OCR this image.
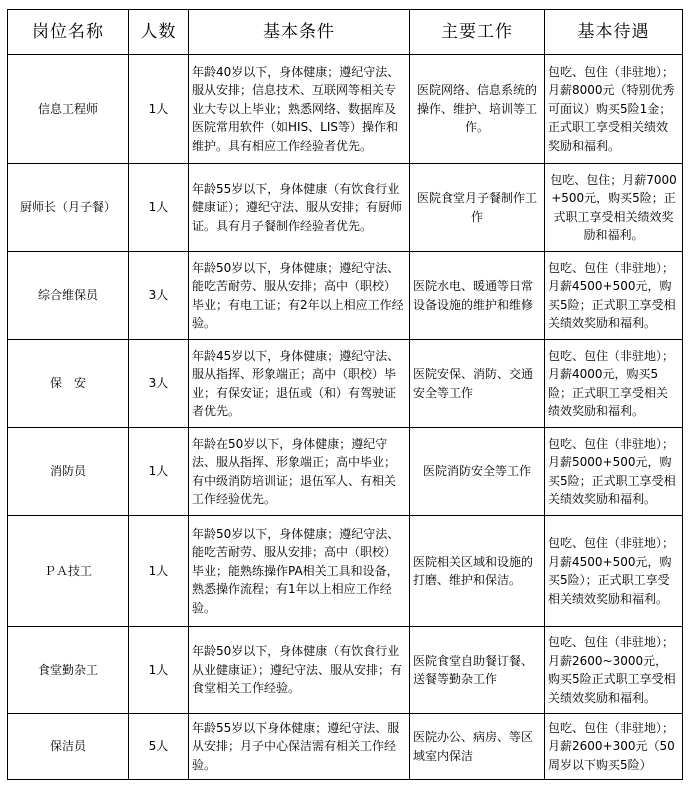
岗位名称	人数	基本条件	主要工作	基本待遇
信息工程师	1人	年龄40岁以下，身体健康；遵纪守法、服从安排；信息技术、互联网等相关专业大专以上毕业；熟悉网络、数据库及医院常用软件（如HIS、LIS等）操作和维护。具有相应工作经验者优先。	医院网络、信息系统的操作、维护、培训等工作。	包吃、包住（非驻地）；月薪8000元（特别优秀可面议）购买5险1金；正式职工享受相关绩效奖励和福利。
厨师长（月子餐）	1人	年龄55岁以下，身体健康（有饮食行业健康证）；遵纪守法、服从安排；有厨师证。具有月子餐制作经验者优先。	医院食堂月子餐制作工作	包吃、包住；月薪7000+500元，购买5险；正式职工享受相关绩效奖励和福利。
综合维保员	3人	年龄50岁以下，身体健康；遵纪守法、能吃苦耐劳、服从安排；高中（职校）毕业；有电工证；有2年以上相应工作经验。	医院水电、暖通等日常设备设施的维护和维修	包吃、包住（非驻地）；月薪4500+500元，购买5险；正式职工享受相关绩效奖励和福利。
保　安	3人	年龄45岁以下，身体健康；遵纪守法、服从指挥、形象端正；高中（职校）毕业；有保安证；退伍或（和）有驾驶证者优先。	医院安保、消防、交通安全等工作	包吃、包住（非驻地）；月薪4000元，购买5险；正式职工享受相关绩效奖励和福利。
消防员	1人	年龄在50岁以下，身体健康；遵纪守法、服从指挥、形象端正；高中毕业；有中级消防培训证；退伍军人、有相关工作经验优先。	医院消防安全等工作	包吃、包住（非驻地）；月薪5000+500元，购买5险；正式职工享受相关绩效奖励和福利。
ＰＡ技工	1人	年龄50岁以下，身体健康；遵纪守法、能吃苦耐劳、服从安排；高中（职校）毕业；能熟练操作PA相关工具和设备，熟悉操作流程；有1年以上相应工作经验。	医院相关区域和设施的打磨、维护和保洁。	包吃、包住（非驻地）；月薪4500+500元，购买5险）；正式职工享受相关绩效奖励和福利。
食堂勤杂工	1人	年龄50岁以下，身体健康（有饮食行业从业健康证）；遵纪守法、服从安排；有食堂相关工作经验。	医院食堂自助餐订餐、送餐等勤杂工作	包吃、包住（非驻地）；月薪2600~3000元，购买5险正式职工享受相关绩效奖励和福利。
保洁员	5人	年龄55岁以下身体健康；遵纪守法、服从安排；月子中心保洁需有相关工作经验。	医院办公、病房、等区域室内保洁	包吃、包住（非驻地）；月薪2600+300元（50周岁以下购买5险）
